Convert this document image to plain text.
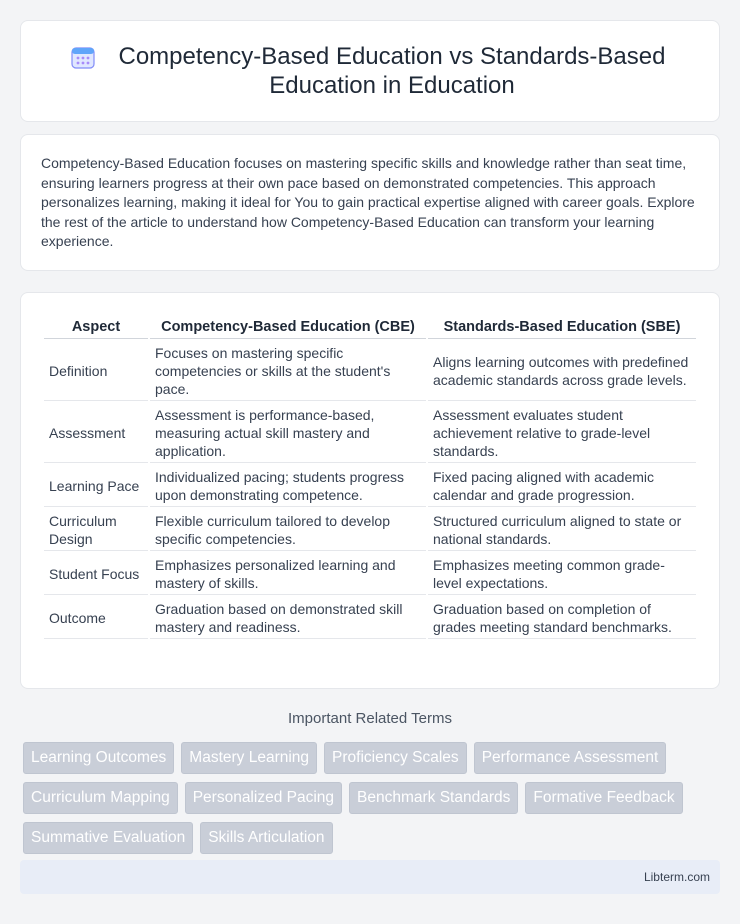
Competency-Based Education vs Standards-Based Education in Education

Competency-Based Education focuses on mastering specific skills and knowledge rather than seat time, ensuring learners progress at their own pace based on demonstrated competencies. This approach personalizes learning, making it ideal for You to gain practical expertise aligned with career goals. Explore the rest of the article to understand how Competency-Based Education can transform your learning experience.

Aspect	Competency-Based Education (CBE)	Standards-Based Education (SBE)
Definition	Focuses on mastering specific competencies or skills at the student's pace.	Aligns learning outcomes with predefined academic standards across grade levels.
Assessment	Assessment is performance-based, measuring actual skill mastery and application.	Assessment evaluates student achievement relative to grade-level standards.
Learning Pace	Individualized pacing; students progress upon demonstrating competence.	Fixed pacing aligned with academic calendar and grade progression.
Curriculum Design	Flexible curriculum tailored to develop specific competencies.	Structured curriculum aligned to state or national standards.
Student Focus	Emphasizes personalized learning and mastery of skills.	Emphasizes meeting common grade-level expectations.
Outcome	Graduation based on demonstrated skill mastery and readiness.	Graduation based on completion of grades meeting standard benchmarks.
Important Related Terms
Learning Outcomes	Mastery Learning	Proficiency Scales	Performance Assessment
Curriculum Mapping	Personalized Pacing	Benchmark Standards	Formative Feedback
Summative Evaluation	Skills Articulation
Libterm.com
